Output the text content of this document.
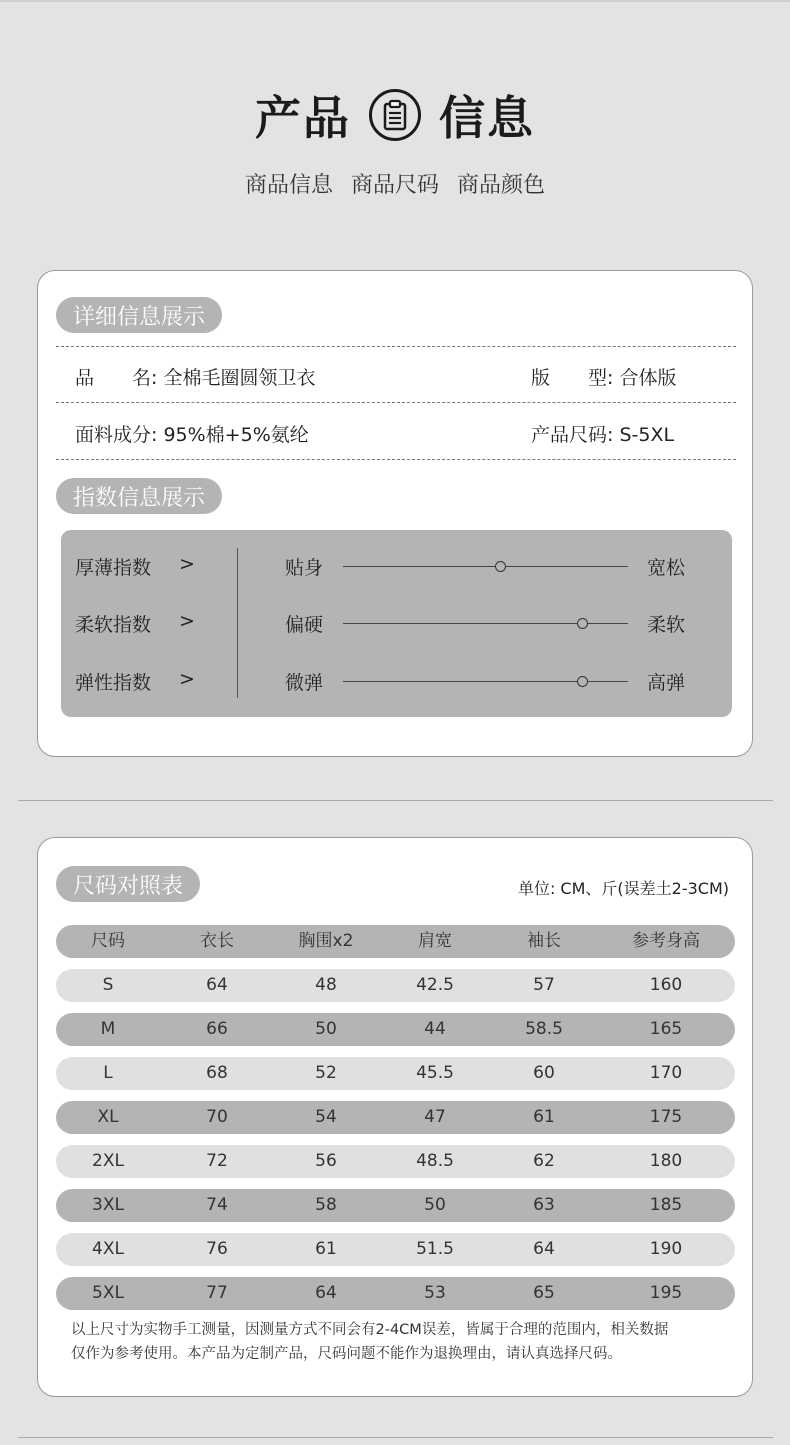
产品 信息
商品信息 商品尺码 商品颜色
详细信息展示
品　　名: 全棉毛圈圆领卫衣	版　　型: 合体版
面料成分: 95%棉+5%氨纶	产品尺码: S-5XL
指数信息展示
厚薄指数 >	贴身	宽松
柔软指数 >	偏硬	柔软
弹性指数 >	微弹	高弹
尺码对照表	单位: CM、斤(误差土2-3CM)
尺码	衣长	胸围x2	肩宽	袖长	参考身高
S	64	48	42.5	57	160
M	66	50	44	58.5	165
L	68	52	45.5	60	170
XL	70	54	47	61	175
2XL	72	56	48.5	62	180
3XL	74	58	50	63	185
4XL	76	61	51.5	64	190
5XL	77	64	53	65	195
以上尺寸为实物手工测量，因测量方式不同会有2-4CM误差，皆属于合理的范围内，相关数据
仅作为参考使用。本产品为定制产品，尺码问题不能作为退换理由，请认真选择尺码。
